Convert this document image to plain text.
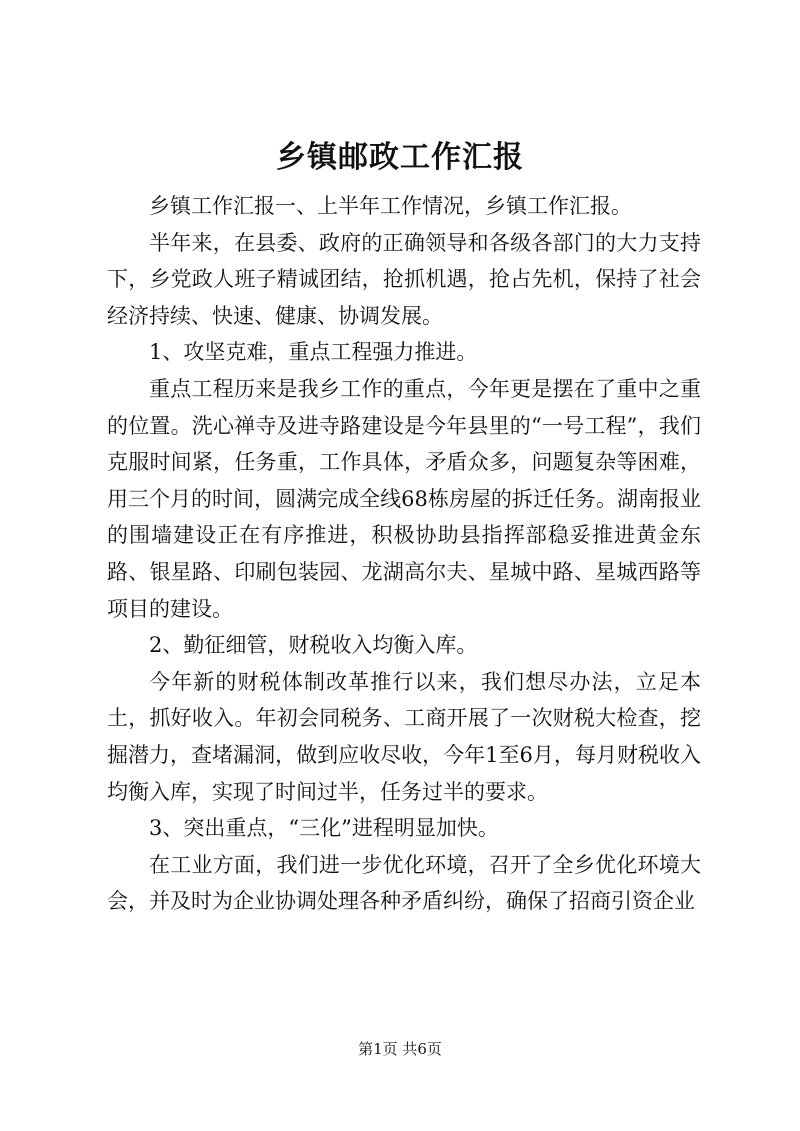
乡镇邮政工作汇报

乡镇工作汇报一、上半年工作情况，乡镇工作汇报。

半年来，在县委、政府的正确领导和各级各部门的大力支持下，乡党政人班子精诚团结，抢抓机遇，抢占先机，保持了社会经济持续、快速、健康、协调发展。

1、攻坚克难，重点工程强力推进。

重点工程历来是我乡工作的重点，今年更是摆在了重中之重的位置。洗心禅寺及进寺路建设是今年县里的“一号工程”，我们克服时间紧，任务重，工作具体，矛盾众多，问题复杂等困难，用三个月的时间，圆满完成全线68栋房屋的拆迁任务。湖南报业的围墙建设正在有序推进，积极协助县指挥部稳妥推进黄金东路、银星路、印刷包装园、龙湖高尔夫、星城中路、星城西路等项目的建设。

2、勤征细管，财税收入均衡入库。

今年新的财税体制改革推行以来，我们想尽办法，立足本土，抓好收入。年初会同税务、工商开展了一次财税大检查，挖掘潜力，查堵漏洞，做到应收尽收，今年1至6月，每月财税收入均衡入库，实现了时间过半，任务过半的要求。

3、突出重点，“三化”进程明显加快。

在工业方面，我们进一步优化环境，召开了全乡优化环境大会，并及时为企业协调处理各种矛盾纠纷，确保了招商引资企业

第1页 共6页
